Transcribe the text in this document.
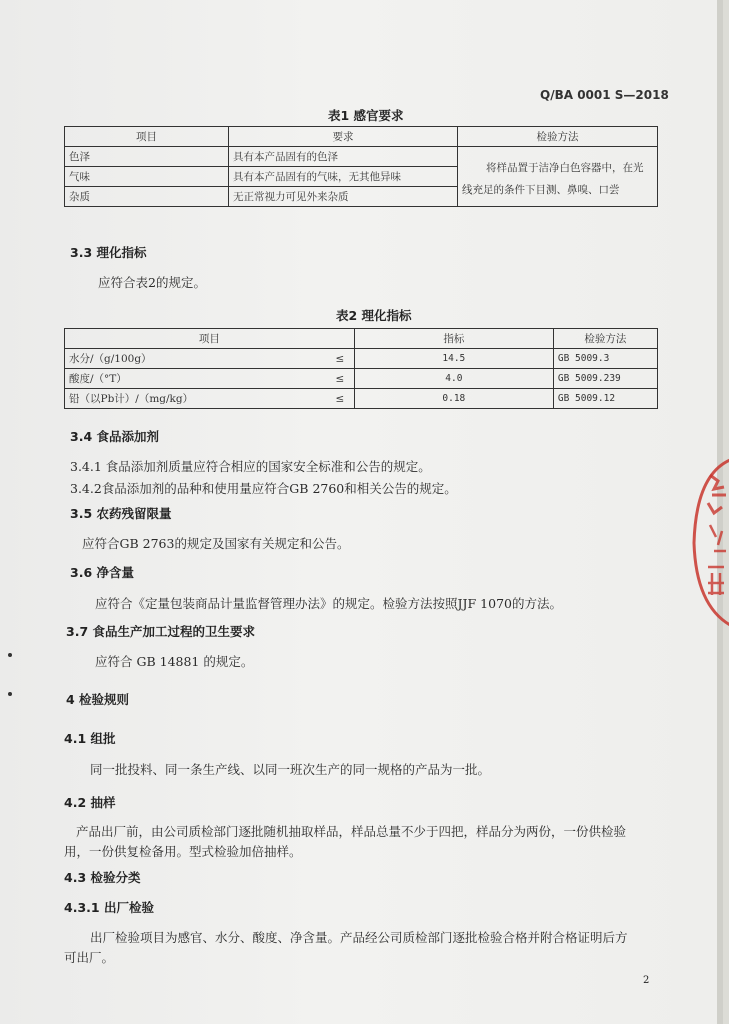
Q/BA 0001 S—2018
表1 感官要求
项目	要求	检验方法
色泽	具有本产品固有的色泽	将样品置于洁净白色容器中，在光
线充足的条件下目测、鼻嗅、口尝

气味	具有本产品固有的气味，无其他异味	
杂质	无正常视力可见外来杂质	
3.3 理化指标
应符合表2的规定。
表2 理化指标
项目		指标	检验方法
水分/（g/100g）	≤	14.5	GB 5009.3
酸度/（°T）	≤	4.0	GB 5009.239
铅（以Pb计）/（mg/kg）	≤	0.18	GB 5009.12
3.4 食品添加剂
3.4.1 食品添加剂质量应符合相应的国家安全标准和公告的规定。
3.4.2食品添加剂的品种和使用量应符合GB 2760和相关公告的规定。
3.5 农药残留限量
应符合GB 2763的规定及国家有关规定和公告。
3.6 净含量
应符合《定量包装商品计量监督管理办法》的规定。检验方法按照JJF 1070的方法。
3.7 食品生产加工过程的卫生要求
应符合 GB 14881 的规定。
4 检验规则
4.1 组批
同一批投料、同一条生产线、以同一班次生产的同一规格的产品为一批。
4.2 抽样
产品出厂前，由公司质检部门逐批随机抽取样品，样品总量不少于四把，样品分为两份，一份供检验
用，一份供复检备用。型式检验加倍抽样。
4.3 检验分类
4.3.1 出厂检验
出厂检验项目为感官、水分、酸度、净含量。产品经公司质检部门逐批检验合格并附合格证明后方
可出厂。
2
